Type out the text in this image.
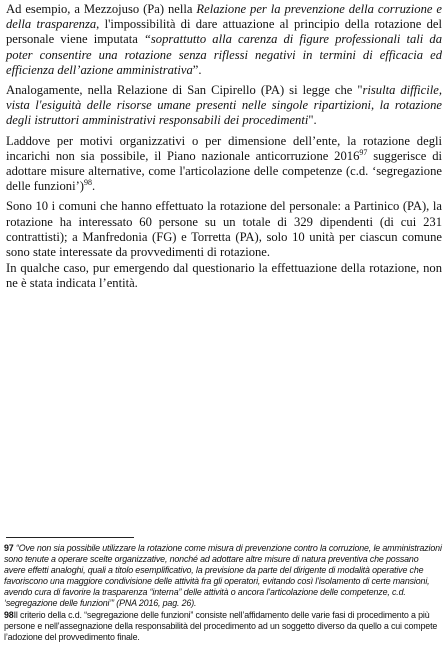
Ad esempio, a Mezzojuso (Pa) nella Relazione per la prevenzione della corruzione e della trasparenza, l'impossibilità di dare attuazione al principio della rotazione del personale viene imputata “soprattutto alla carenza di figure professionali tali da poter consentire una rotazione senza riflessi negativi in termini di efficacia ed efficienza dell’azione amministrativa”.

Analogamente, nella Relazione di San Cipirello (PA) si legge che "risulta difficile, vista l'esiguità delle risorse umane presenti nelle singole ripartizioni, la rotazione degli istruttori amministrativi responsabili dei procedimenti".

Laddove per motivi organizzativi o per dimensione dell’ente, la rotazione degli incarichi non sia possibile, il Piano nazionale anticorruzione 2016$^{97}$ suggerisce di adottare misure alternative, come l'articolazione delle competenze (c.d. ‘segregazione delle funzioni’)$^{98}$.

Sono 10 i comuni che hanno effettuato la rotazione del personale: a Partinico (PA), la rotazione ha interessato 60 persone su un totale di 329 dipendenti (di cui 231 contrattisti); a Manfredonia (FG) e Torretta (PA), solo 10 unità per ciascun comune sono state interessate da provvedimenti di rotazione.

In qualche caso, pur emergendo dal questionario la effettuazione della rotazione, non ne è stata indicata l’entità.

97 “Ove non sia possibile utilizzare la rotazione come misura di prevenzione contro la corruzione, le amministrazioni sono tenute a operare scelte organizzative, nonché ad adottare altre misure di natura preventiva che possano avere effetti analoghi, quali a titolo esemplificativo, la previsione da parte del dirigente di modalità operative che favoriscono una maggiore condivisione delle attività fra gli operatori, evitando così l’isolamento di certe mansioni, avendo cura di favorire la trasparenza “interna” delle attività o ancora l’articolazione delle competenze, c.d. ‘segregazione delle funzioni’” (PNA 2016, pag. 26).

98Il criterio della c.d. “segregazione delle funzioni” consiste nell’affidamento delle varie fasi di procedimento a più persone e nell’assegnazione della responsabilità del procedimento ad un soggetto diverso da quello a cui compete l’adozione del provvedimento finale.
